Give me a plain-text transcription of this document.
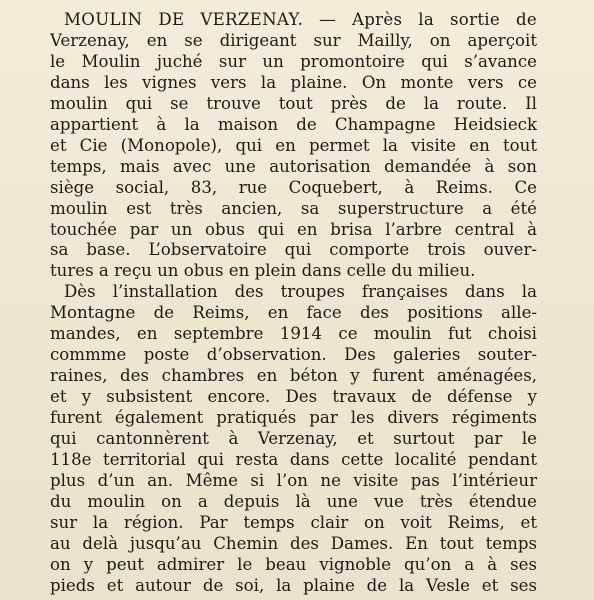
MOULIN DE VERZENAY. — Après la sortie de
Verzenay, en se dirigeant sur Mailly, on aperçoit
le Moulin juché sur un promontoire qui s’avance
dans les vignes vers la plaine. On monte vers ce
moulin qui se trouve tout près de la route. Il
appartient à la maison de Champagne Heidsieck
et Cie (Monopole), qui en permet la visite en tout
temps, mais avec une autorisation demandée à son
siège social, 83, rue Coquebert, à Reims. Ce
moulin est très ancien, sa superstructure a été
touchée par un obus qui en brisa l’arbre central à
sa base. L’observatoire qui comporte trois ouver-
tures a reçu un obus en plein dans celle du milieu.
Dès l’installation des troupes françaises dans la
Montagne de Reims, en face des positions alle-
mandes, en septembre 1914 ce moulin fut choisi
commme poste d’observation. Des galeries souter-
raines, des chambres en béton y furent aménagées,
et y subsistent encore. Des travaux de défense y
furent également pratiqués par les divers régiments
qui cantonnèrent à Verzenay, et surtout par le
118e territorial qui resta dans cette localité pendant
plus d’un an. Même si l’on ne visite pas l’intérieur
du moulin on a depuis là une vue très étendue
sur la région. Par temps clair on voit Reims, et
au delà jusqu’au Chemin des Dames. En tout temps
on y peut admirer le beau vignoble qu’on a à ses
pieds et autour de soi, la plaine de la Vesle et ses
